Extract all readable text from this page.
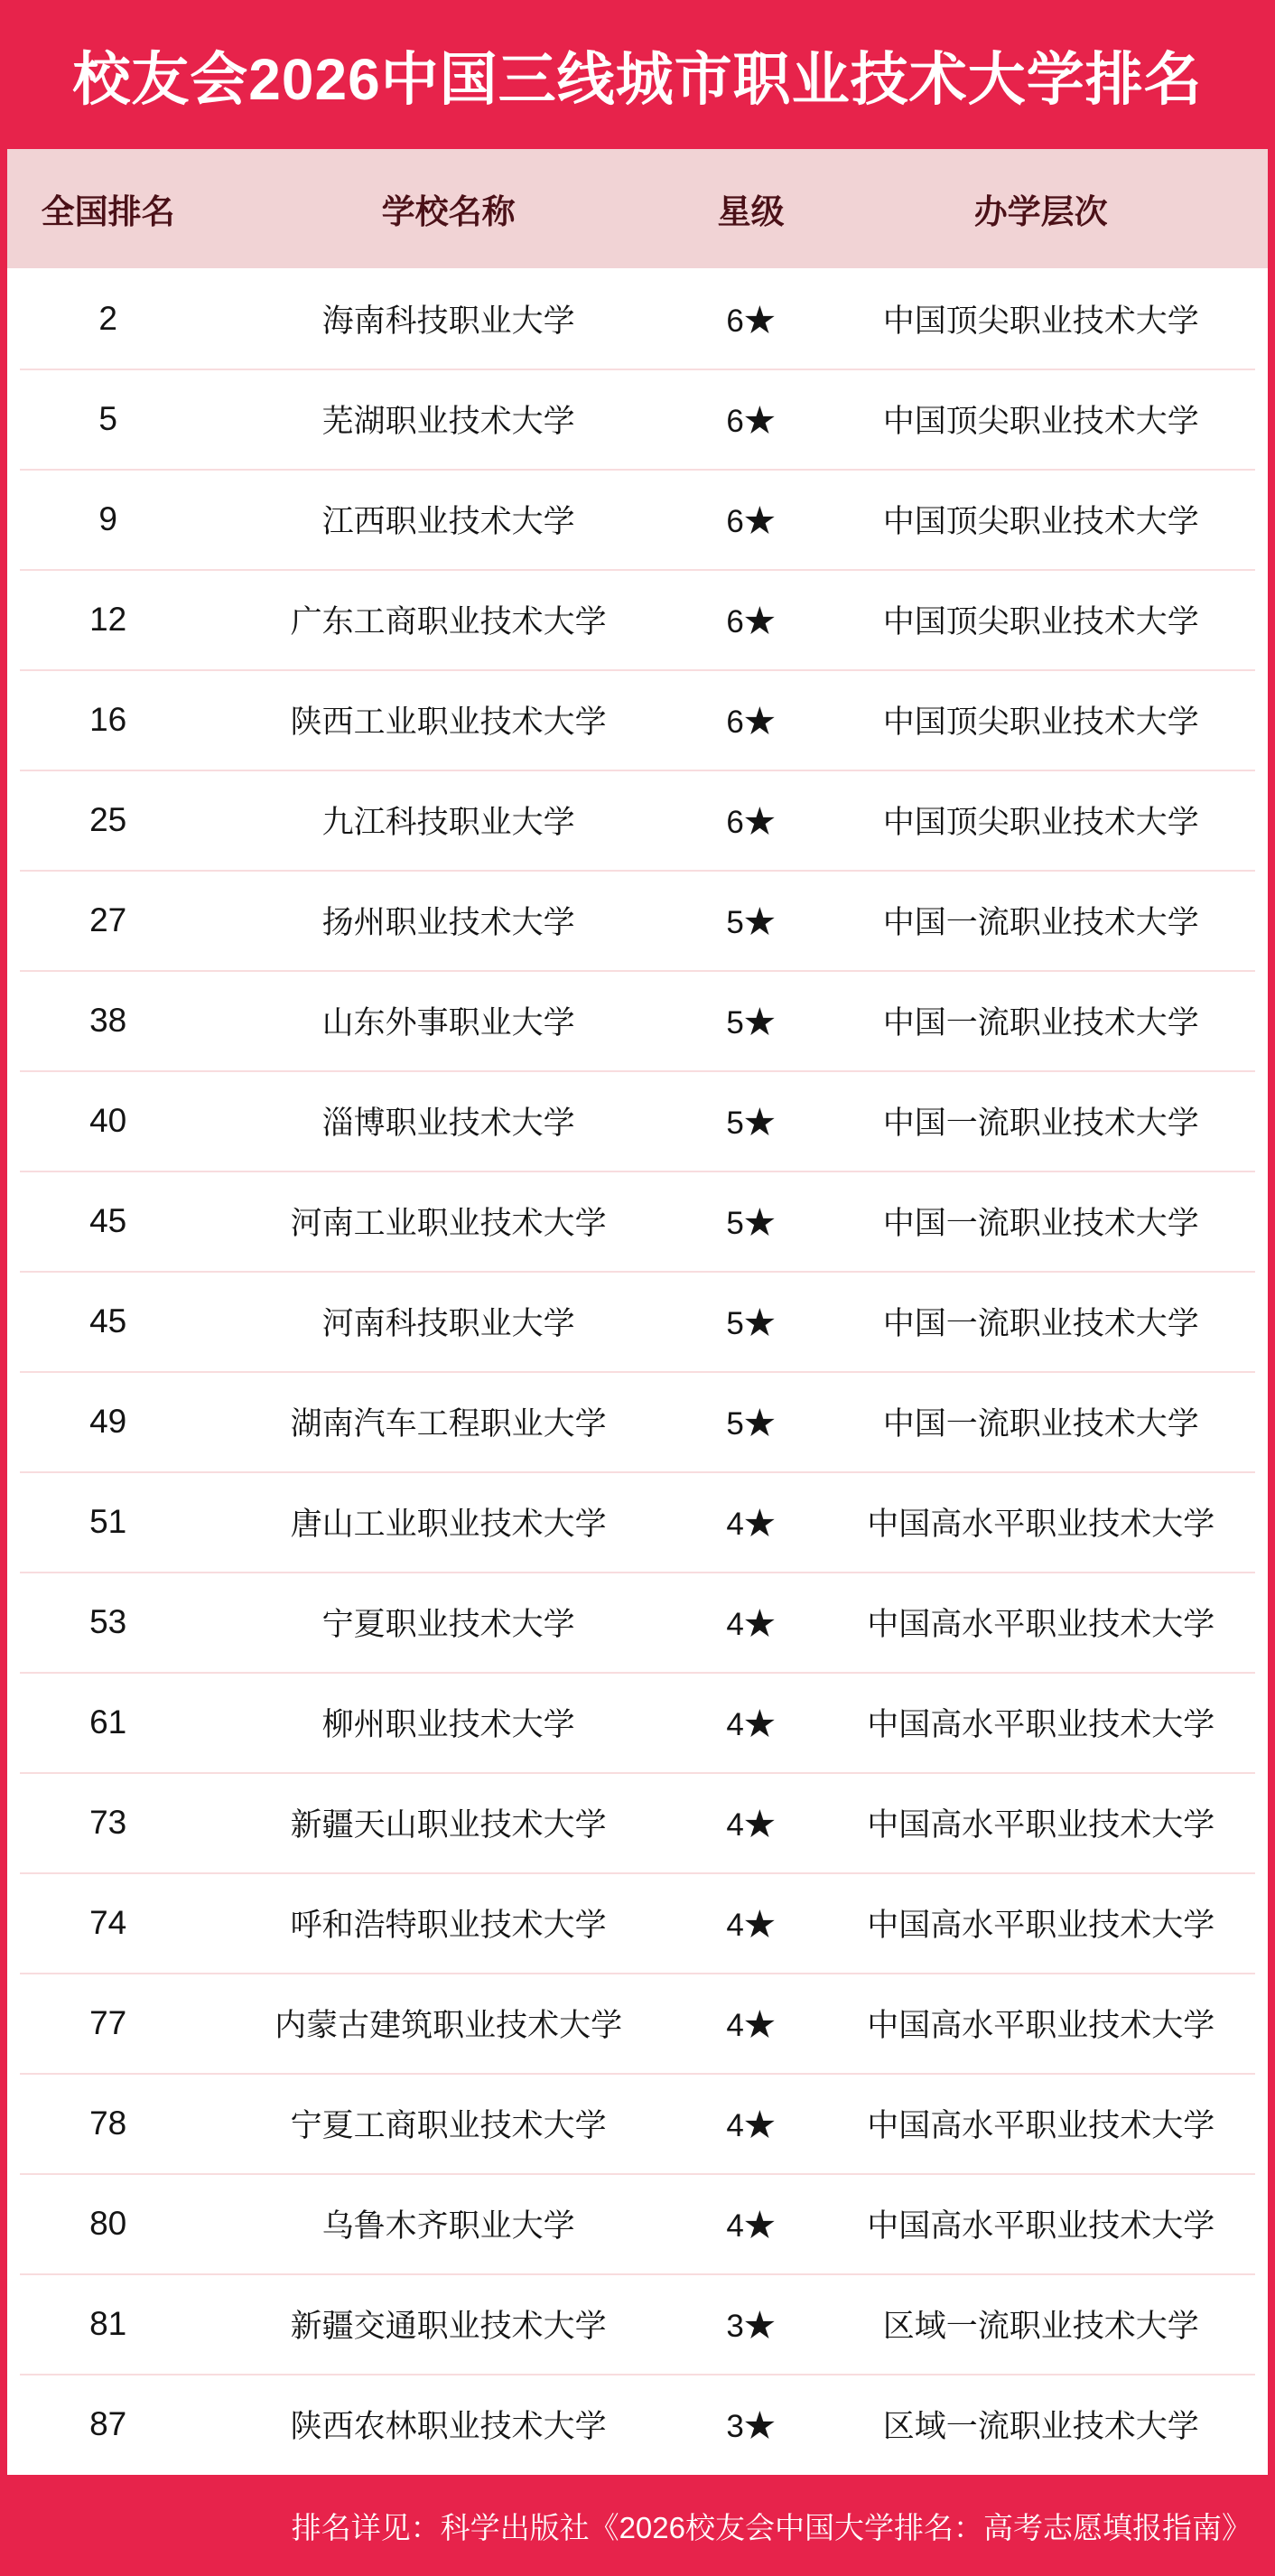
校友会2026中国三线城市职业技术大学排名
全国排名	学校名称	星级	办学层次
2	海南科技职业大学	6★	中国顶尖职业技术大学
5	芜湖职业技术大学	6★	中国顶尖职业技术大学
9	江西职业技术大学	6★	中国顶尖职业技术大学
12	广东工商职业技术大学	6★	中国顶尖职业技术大学
16	陕西工业职业技术大学	6★	中国顶尖职业技术大学
25	九江科技职业大学	6★	中国顶尖职业技术大学
27	扬州职业技术大学	5★	中国一流职业技术大学
38	山东外事职业大学	5★	中国一流职业技术大学
40	淄博职业技术大学	5★	中国一流职业技术大学
45	河南工业职业技术大学	5★	中国一流职业技术大学
45	河南科技职业大学	5★	中国一流职业技术大学
49	湖南汽车工程职业大学	5★	中国一流职业技术大学
51	唐山工业职业技术大学	4★	中国高水平职业技术大学
53	宁夏职业技术大学	4★	中国高水平职业技术大学
61	柳州职业技术大学	4★	中国高水平职业技术大学
73	新疆天山职业技术大学	4★	中国高水平职业技术大学
74	呼和浩特职业技术大学	4★	中国高水平职业技术大学
77	内蒙古建筑职业技术大学	4★	中国高水平职业技术大学
78	宁夏工商职业技术大学	4★	中国高水平职业技术大学
80	乌鲁木齐职业大学	4★	中国高水平职业技术大学
81	新疆交通职业技术大学	3★	区域一流职业技术大学
87	陕西农林职业技术大学	3★	区域一流职业技术大学
排名详见：科学出版社《2026校友会中国大学排名：高考志愿填报指南》
